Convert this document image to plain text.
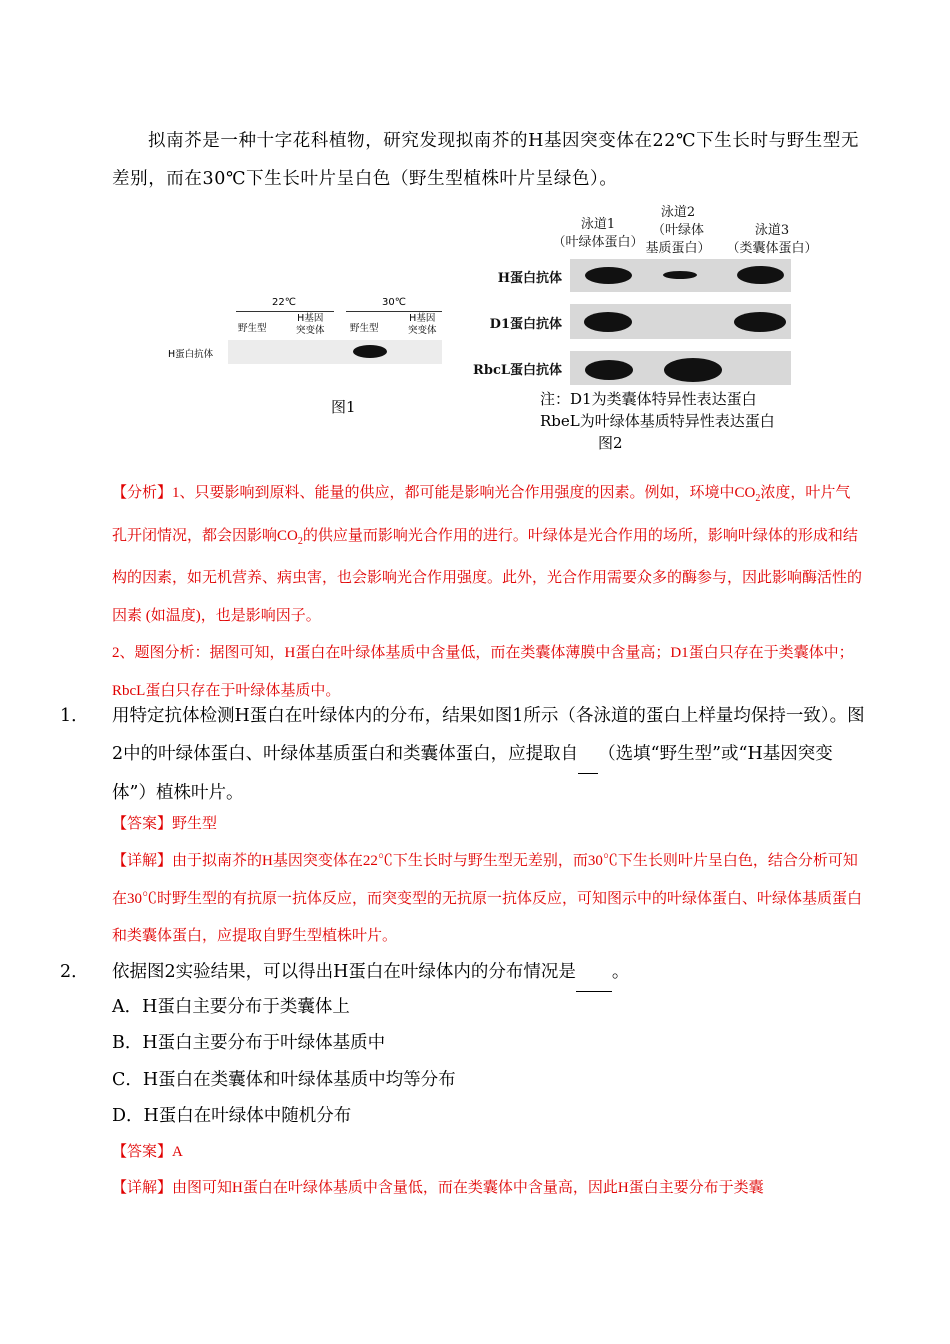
拟南芥是一种十字花科植物，研究发现拟南芥的H基因突变体在22℃下生长时与野生型无差别，而在30℃下生长叶片呈白色（野生型植株叶片呈绿色）。

22℃	30℃
野生型
H基因
突变体	野生型
H基因
突变体
H蛋白抗体
图1
泳道1
（叶绿体蛋白）
泳道2
（叶绿体
基质蛋白）
泳道3
（类囊体蛋白）
H蛋白抗体
D1蛋白抗体
RbcL蛋白抗体
注：D1为类囊体特异性表达蛋白
RbeL为叶绿体基质特异性表达蛋白
图2
【分析】1、只要影响到原料、能量的供应，都可能是影响光合作用强度的因素。例如，环境中$CO_2$浓度，叶片气孔开闭情况，都会因影响$CO_2$的供应量而影响光合作用的进行。叶绿体是光合作用的场所，影响叶绿体的形成和结构的因素，如无机营养、病虫害，也会影响光合作用强度。此外，光合作用需要众多的酶参与，因此影响酶活性的因素 (如温度)，也是影响因子。
2、题图分析：据图可知，H蛋白在叶绿体基质中含量低，而在类囊体薄膜中含量高；D1蛋白只存在于类囊体中；RbcL蛋白只存在于叶绿体基质中。
1． 用特定抗体检测H蛋白在叶绿体内的分布，结果如图1所示（各泳道的蛋白上样量均保持一致）。图2中的叶绿体蛋白、叶绿体基质蛋白和类囊体蛋白，应提取自 （选填“野生型”或“H基因突变体”）植株叶片。
【答案】野生型
【详解】由于拟南芥的H基因突变体在22℃下生长时与野生型无差别，而30℃下生长则叶片呈白色，结合分析可知在30℃时野生型的有抗原一抗体反应，而突变型的无抗原一抗体反应，可知图示中的叶绿体蛋白、叶绿体基质蛋白和类囊体蛋白，应提取自野生型植株叶片。
2． 依据图2实验结果，可以得出H蛋白在叶绿体内的分布情况是 。
A．H蛋白主要分布于类囊体上
B．H蛋白主要分布于叶绿体基质中
C．H蛋白在类囊体和叶绿体基质中均等分布
D．H蛋白在叶绿体中随机分布
【答案】A
【详解】由图可知H蛋白在叶绿体基质中含量低，而在类囊体中含量高，因此H蛋白主要分布于类囊
